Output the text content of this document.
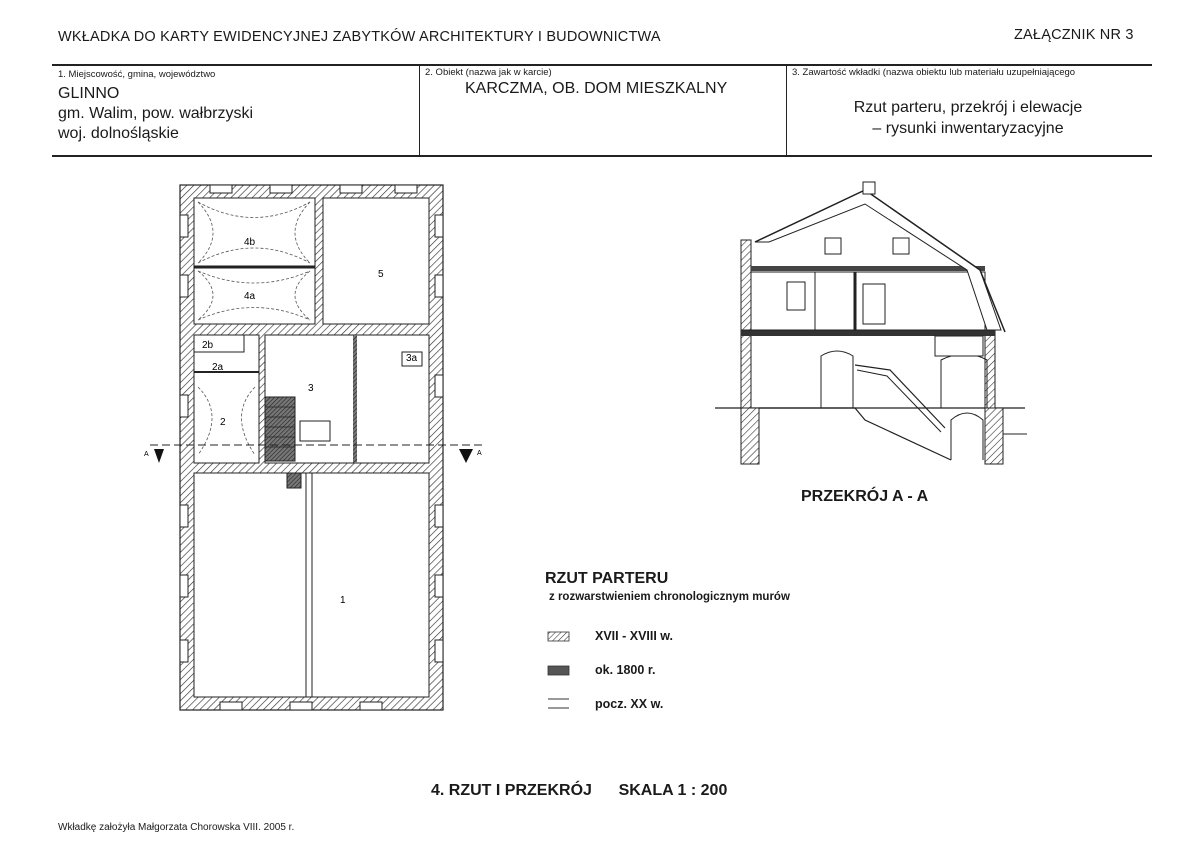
WKŁADKA DO KARTY EWIDENCYJNEJ ZABYTKÓW ARCHITEKTURY I BUDOWNICTWA	ZAŁĄCZNIK NR 3
1. Miejscowość, gmina, województwo
GLINNO
gm. Walim, pow. wałbrzyski
woj. dolnośląskie
2. Obiekt (nazwa jak w karcie)
KARCZMA, OB. DOM MIESZKALNY
3. Zawartość wkładki (nazwa obiektu lub materiału uzupełniającego
Rzut parteru, przekrój i elewacje
– rysunki inwentaryzacyjne
A	A
4b
4a
5
2b
2a
3a
3
2
1
PRZEKRÓJ A - A
RZUT PARTERU
z rozwarstwieniem chronologicznym murów
XVII - XVIII w.
ok. 1800 r.
pocz. XX w.
4. RZUT I PRZEKRÓJ      SKALA 1 : 200
Wkładkę założyła Małgorzata Chorowska VIII. 2005 r.
